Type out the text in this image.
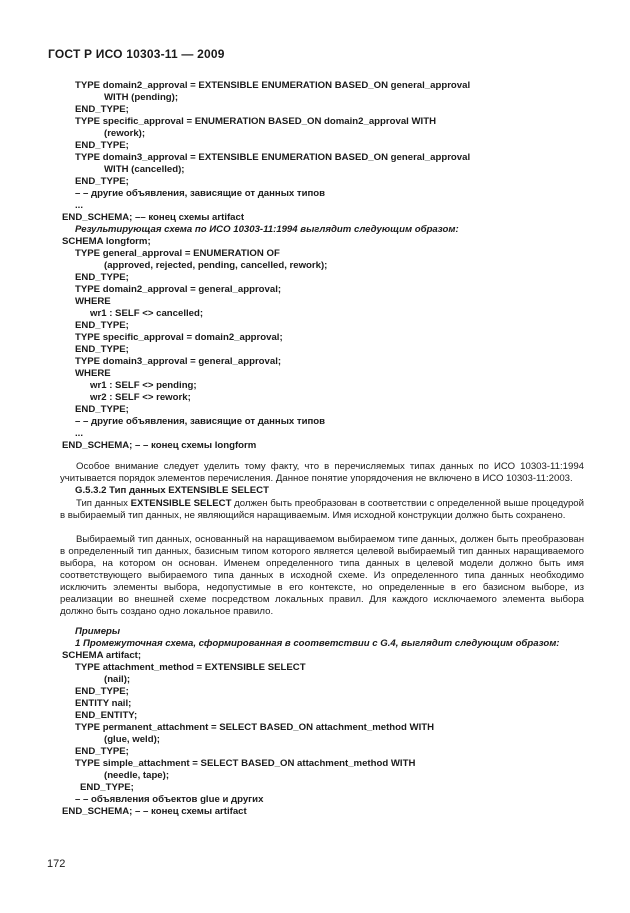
ГОСТ Р ИСО 10303-11 — 2009
TYPE domain2_approval = EXTENSIBLE ENUMERATION BASED_ON general_approval
WITH (pending);
END_TYPE;
TYPE specific_approval = ENUMERATION BASED_ON domain2_approval WITH
(rework);
END_TYPE;
TYPE domain3_approval = EXTENSIBLE ENUMERATION BASED_ON general_approval
WITH (cancelled);
END_TYPE;
– – другие объявления, зависящие от данных типов
...
END_SCHEMA; –– конец схемы artifact
Результирующая схема по ИСО 10303-11:1994 выглядит следующим образом:
SCHEMA longform;
TYPE general_approval = ENUMERATION OF
(approved, rejected, pending, cancelled, rework);
END_TYPE;
TYPE domain2_approval = general_approval;
WHERE
wr1 : SELF <> cancelled;
END_TYPE;
TYPE specific_approval = domain2_approval;
END_TYPE;
TYPE domain3_approval = general_approval;
WHERE
wr1 : SELF <> pending;
wr2 : SELF <> rework;
END_TYPE;
– – другие объявления, зависящие от данных типов
...
END_SCHEMA; – – конец схемы longform

Особое внимание следует уделить тому факту, что в перечисляемых типах данных по ИСО 10303-11:1994 учитывается порядок элементов перечисления. Данное понятие упорядочения не включено в ИСО 10303-11:2003.

G.5.3.2 Тип данных EXTENSIBLE SELECT

Тип данных EXTENSIBLE SELECT должен быть преобразован в соответствии с определенной выше процедурой в выбираемый тип данных, не являющийся наращиваемым. Имя исходной конструкции должно быть сохранено.

Выбираемый тип данных, основанный на наращиваемом выбираемом типе данных, должен быть преобразован в определенный тип данных, базисным типом которого является целевой выбираемый тип данных наращиваемого выбора, на котором он основан. Именем определенного типа данных в целевой модели должно быть имя соответствующего выбираемого типа данных в исходной схеме. Из определенного типа данных необходимо исключить элементы выбора, недопустимые в его контексте, но определенные в его базисном выборе, из реализации во внешней схеме посредством локальных правил. Для каждого исключаемого элемента выбора должно быть создано одно локальное правило.

Примеры
1 Промежуточная схема, сформированная в соответствии с G.4, выглядит следующим образом:
SCHEMA artifact;
TYPE attachment_method = EXTENSIBLE SELECT
(nail);
END_TYPE;
ENTITY nail;
END_ENTITY;
TYPE permanent_attachment = SELECT BASED_ON attachment_method WITH
(glue, weld);
END_TYPE;
TYPE simple_attachment = SELECT BASED_ON attachment_method WITH
(needle, tape);
END_TYPE;
– – объявления объектов glue и других
END_SCHEMA; – – конец схемы artifact
172
